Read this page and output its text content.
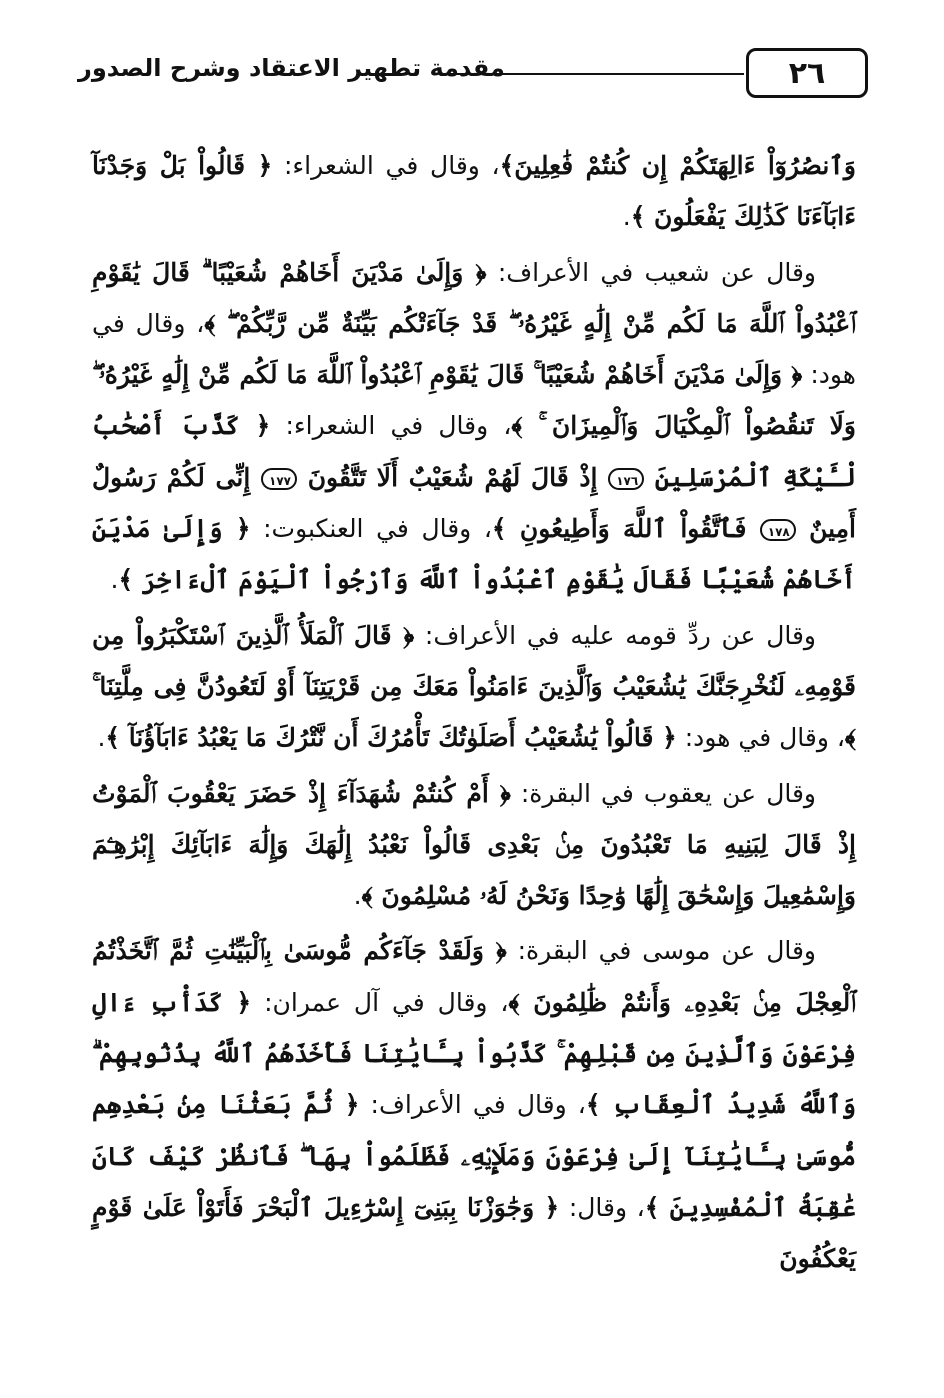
٢٦
مقدمة تطهير الاعتقاد وشرح الصدور

وَٱنصُرُوٓاْ ءَالِهَتَكُمْ إِن كُنتُمْ فَٰعِلِينَ﴾، وقال في الشعراء: ﴿ قَالُواْ بَلْ وَجَدْنَآ ءَابَآءَنَا كَذَٰلِكَ يَفْعَلُونَ ﴾.

وقال عن شعيب في الأعراف: ﴿ وَإِلَىٰ مَدْيَنَ أَخَاهُمْ شُعَيْبًا ۗ قَالَ يَٰقَوْمِ ٱعْبُدُواْ ٱللَّهَ مَا لَكُم مِّنْ إِلَٰهٍ غَيْرُهُۥ ۖ قَدْ جَآءَتْكُم بَيِّنَةٌ مِّن رَّبِّكُمْ ۖ ﴾، وقال في هود: ﴿ وَإِلَىٰ مَدْيَنَ أَخَاهُمْ شُعَيْبًا ۚ قَالَ يَٰقَوْمِ ٱعْبُدُواْ ٱللَّهَ مَا لَكُم مِّنْ إِلَٰهٍ غَيْرُهُۥ ۖ وَلَا تَنقُصُواْ ٱلْمِكْيَالَ وَٱلْمِيزَانَ ۚ ﴾، وقال في الشعراء: ﴿ كَذَّبَ أَصْحَٰبُ لْـَٔيْكَةِ ٱلْمُرْسَلِينَ ١٧٦ إِذْ قَالَ لَهُمْ شُعَيْبٌ أَلَا تَتَّقُونَ ١٧٧ إِنِّى لَكُمْ رَسُولٌ أَمِينٌ ١٧٨ فَٱتَّقُواْ ٱللَّهَ وَأَطِيعُونِ ﴾، وقال في العنكبوت: ﴿ وَإِلَىٰ مَدْيَنَ أَخَاهُمْ شُعَيْبًا فَقَالَ يَٰقَوْمِ ٱعْبُدُواْ ٱللَّهَ وَٱرْجُواْ ٱلْيَوْمَ ٱلْءَاخِرَ ﴾.

وقال عن ردِّ قومه عليه في الأعراف: ﴿ قَالَ ٱلْمَلَأُ ٱلَّذِينَ ٱسْتَكْبَرُواْ مِن قَوْمِهِۦ لَنُخْرِجَنَّكَ يَٰشُعَيْبُ وَٱلَّذِينَ ءَامَنُواْ مَعَكَ مِن قَرْيَتِنَآ أَوْ لَتَعُودُنَّ فِى مِلَّتِنَا ۚ ﴾، وقال في هود: ﴿ قَالُواْ يَٰشُعَيْبُ أَصَلَوٰتُكَ تَأْمُرُكَ أَن نَّتْرُكَ مَا يَعْبُدُ ءَابَآؤُنَآ ﴾.

وقال عن يعقوب في البقرة: ﴿ أَمْ كُنتُمْ شُهَدَآءَ إِذْ حَضَرَ يَعْقُوبَ ٱلْمَوْتُ إِذْ قَالَ لِبَنِيهِ مَا تَعْبُدُونَ مِنۢ بَعْدِى قَالُواْ نَعْبُدُ إِلَٰهَكَ وَإِلَٰهَ ءَابَآئِكَ إِبْرَٰهِـۧمَ وَإِسْمَٰعِيلَ وَإِسْحَٰقَ إِلَٰهًا وَٰحِدًا وَنَحْنُ لَهُۥ مُسْلِمُونَ ﴾.

وقال عن موسى في البقرة: ﴿ وَلَقَدْ جَآءَكُم مُّوسَىٰ بِٱلْبَيِّنَٰتِ ثُمَّ ٱتَّخَذْتُمُ ٱلْعِجْلَ مِنۢ بَعْدِهِۦ وَأَنتُمْ ظَٰلِمُونَ ﴾، وقال في آل عمران: ﴿ كَدَأْبِ ءَالِ فِرْعَوْنَ وَٱلَّذِينَ مِن قَبْلِهِمْ ۚ كَذَّبُواْ بِـَٔايَٰتِنَا فَأَخَذَهُمُ ٱللَّهُ بِذُنُوبِهِمْ ۗ وَٱللَّهُ شَدِيدُ ٱلْعِقَابِ ﴾، وقال في الأعراف: ﴿ ثُمَّ بَعَثْنَا مِنۢ بَعْدِهِم مُّوسَىٰ بِـَٔايَٰتِنَآ إِلَىٰ فِرْعَوْنَ وَمَلَإِي۟هِۦ فَظَلَمُواْ بِهَا ۖ فَٱنظُرْ كَيْفَ كَانَ عَٰقِبَةُ ٱلْمُفْسِدِينَ ﴾، وقال: ﴿ وَجَٰوَزْنَا بِبَنِىٓ إِسْرَٰٓءِيلَ ٱلْبَحْرَ فَأَتَوْاْ عَلَىٰ قَوْمٍ يَعْكُفُونَ
